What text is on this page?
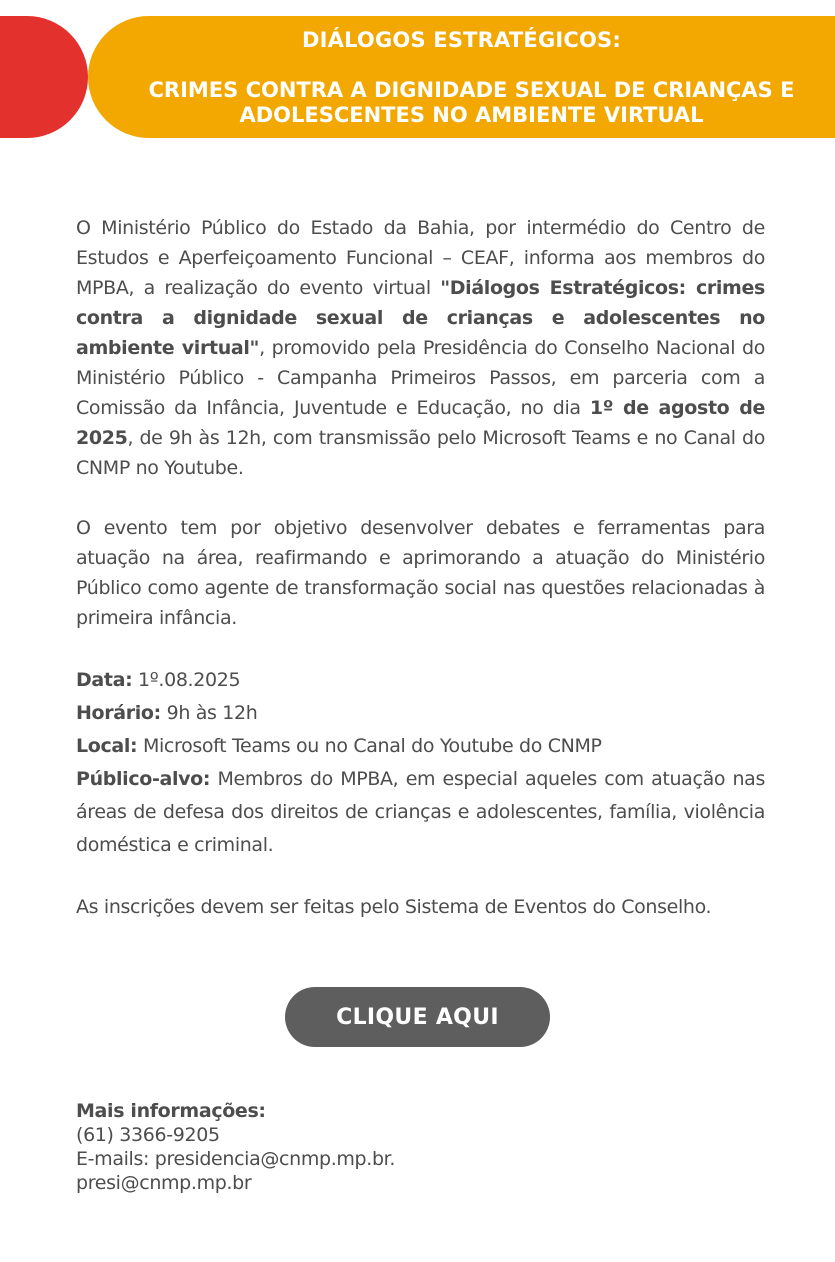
DIÁLOGOS ESTRATÉGICOS:
CRIMES CONTRA A DIGNIDADE SEXUAL DE CRIANÇAS E
ADOLESCENTES NO AMBIENTE VIRTUAL

O Ministério Público do Estado da Bahia, por intermédio do Centro de Estudos e Aperfeiçoamento Funcional – CEAF, informa aos membros do MPBA, a realização do evento virtual "Diálogos Estratégicos: crimes contra a dignidade sexual de crianças e adolescentes no ambiente virtual", promovido pela Presidência do Conselho Nacional do Ministério Público - Campanha Primeiros Passos, em parceria com a Comissão da Infância, Juventude e Educação, no dia 1º de agosto de 2025, de 9h às 12h, com transmissão pelo Microsoft Teams e no Canal do CNMP no Youtube.

O evento tem por objetivo desenvolver debates e ferramentas para atuação na área, reafirmando e aprimorando a atuação do Ministério Público como agente de transformação social nas questões relacionadas à primeira infância.

Data: 1º.08.2025
Horário: 9h às 12h
Local: Microsoft Teams ou no Canal do Youtube do CNMP
Público-alvo: Membros do MPBA, em especial aqueles com atuação nas áreas de defesa dos direitos de crianças e adolescentes, família, violência doméstica e criminal.

As inscrições devem ser feitas pelo Sistema de Eventos do Conselho.

CLIQUE AQUI
Mais informações:
(61) 3366-9205
E-mails: presidencia@cnmp.mp.br.
presi@cnmp.mp.br
